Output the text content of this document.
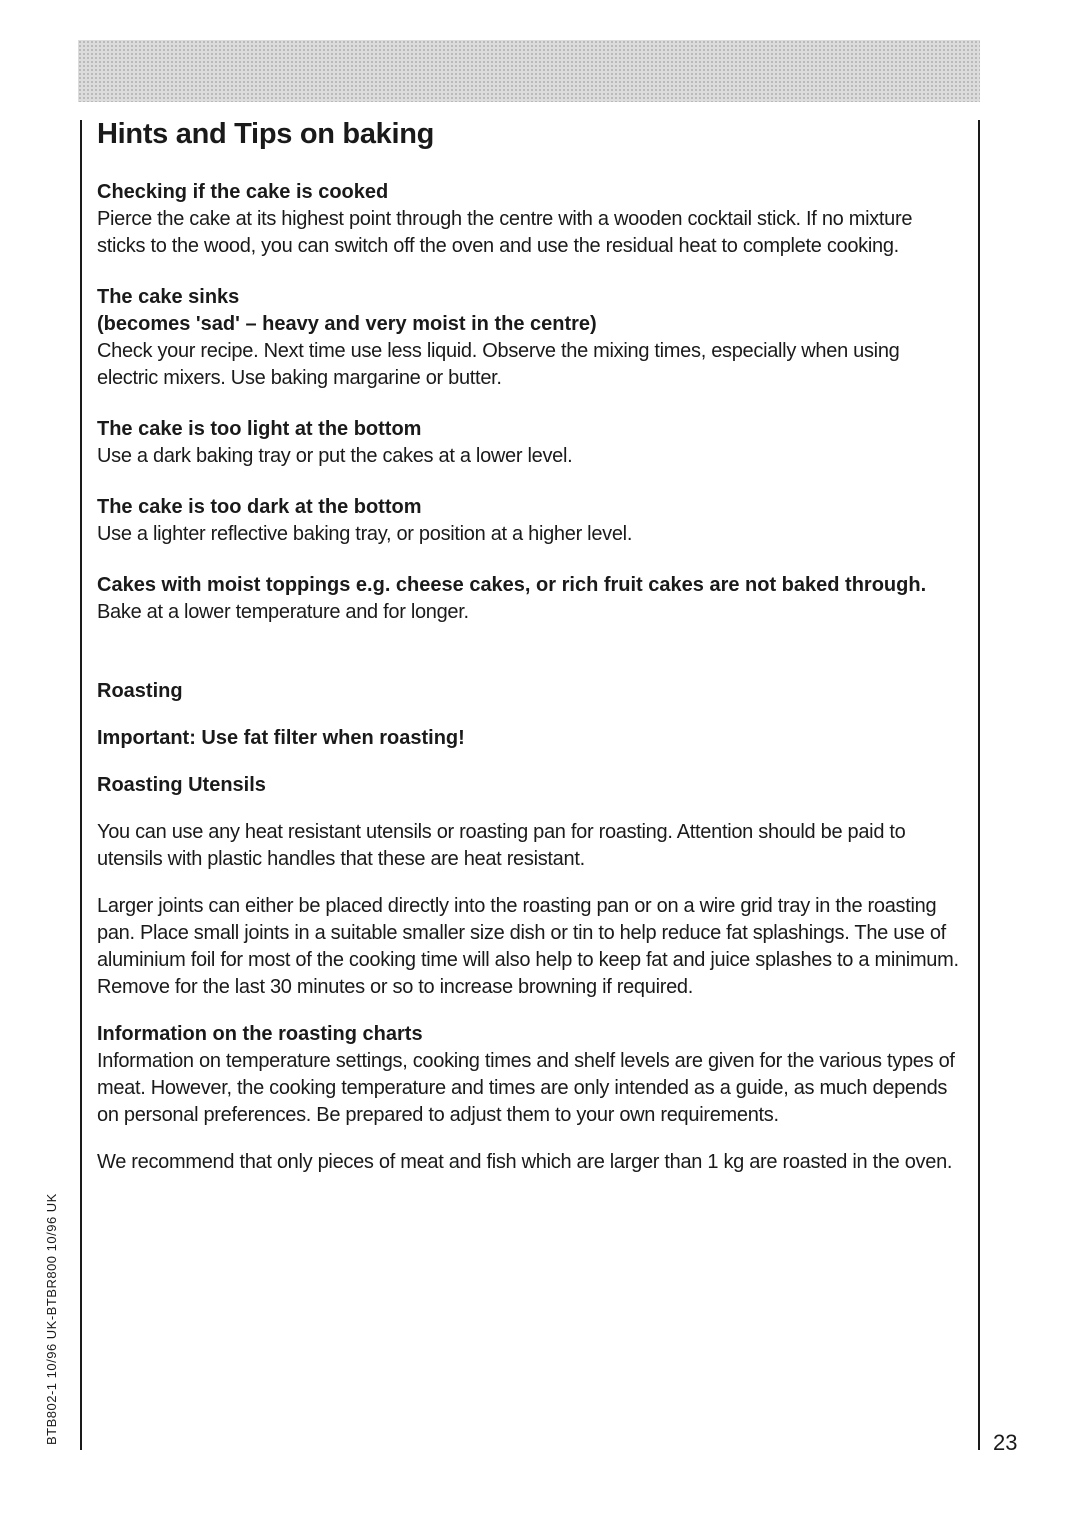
Hints and Tips on baking

Checking if the cake is cooked

Pierce the cake at its highest point through the centre with a wooden cocktail stick. If no mixture sticks to the wood, you can switch off the oven and use the residual heat to complete cooking.

The cake sinks

(becomes 'sad' – heavy and very moist in the centre)

Check your recipe. Next time use less liquid. Observe the mixing times, especially when using electric mixers. Use baking margarine or butter.

The cake is too light at the bottom

Use a dark baking tray or put the cakes at a lower level.

The cake is too dark at the bottom

Use a lighter reflective baking tray, or position at a higher level.

Cakes with moist toppings e.g. cheese cakes, or rich fruit cakes are not baked through.

Bake at a lower temperature and for longer.

Roasting

Important: Use fat filter when roasting!

Roasting Utensils

You can use any heat resistant utensils or roasting pan for roasting. Attention should be paid to utensils with plastic handles that these are heat resistant.

Larger joints can either be placed directly into the roasting pan or on a wire grid tray in the roasting pan. Place small joints in a suitable smaller size dish or tin to help reduce fat splashings. The use of aluminium foil for most of the cooking time will also help to keep fat and juice splashes to a minimum. Remove for the last 30 minutes or so to increase browning if required.

Information on the roasting charts

Information on temperature settings, cooking times and shelf levels are given for the various types of meat. However, the cooking temperature and times are only intended as a guide, as much depends on personal preferences. Be prepared to adjust them to your own requirements.

We recommend that only pieces of meat and fish which are larger than 1 kg are roasted in the oven.

23
BTB802-1 10/96 UK-BTBR800 10/96 UK
